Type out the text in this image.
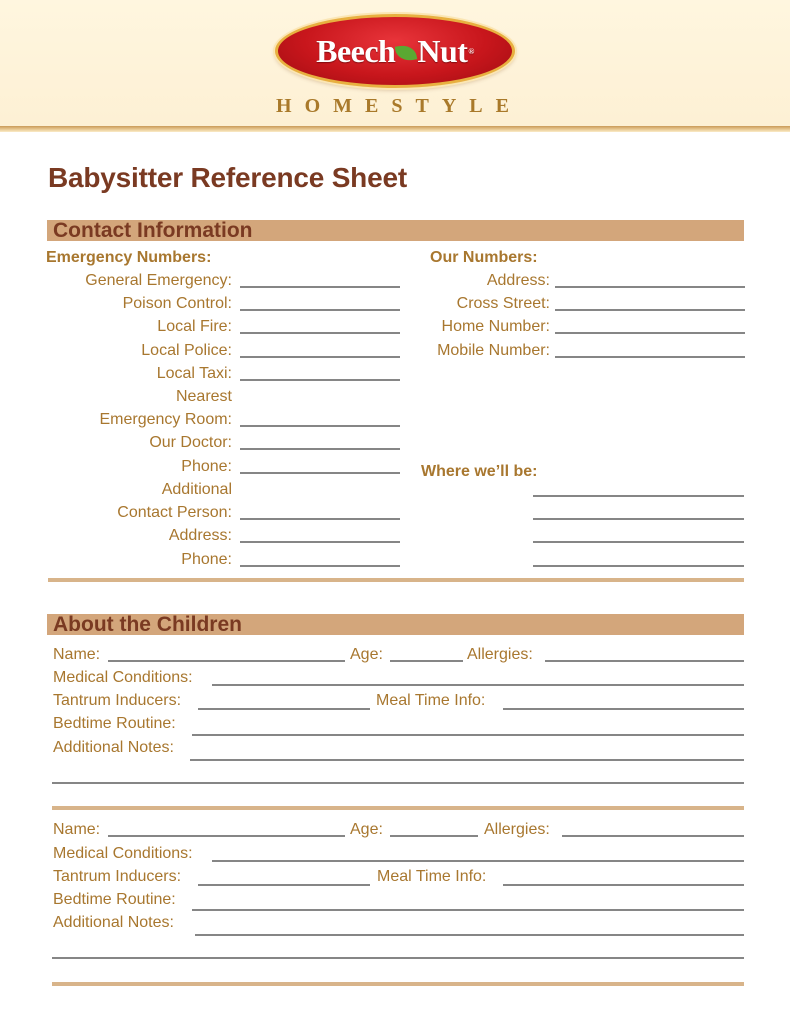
Beech Nut ®
HOMESTYLE
Babysitter Reference Sheet
Contact Information
Emergency Numbers:
General Emergency:
Poison Control:
Local Fire:
Local Police:
Local Taxi:
Nearest
Emergency Room:
Our Doctor:
Phone:
Additional
Contact Person:
Address:
Phone:
Our Numbers:
Address:
Cross Street:
Home Number:
Mobile Number:
Where we’ll be:
About the Children
Name:	Age:	Allergies:
Medical Conditions:
Tantrum Inducers:	Meal Time Info:
Bedtime Routine:
Additional Notes:
Name:	Age:	Allergies:
Medical Conditions:
Tantrum Inducers:	Meal Time Info:
Bedtime Routine:
Additional Notes:
